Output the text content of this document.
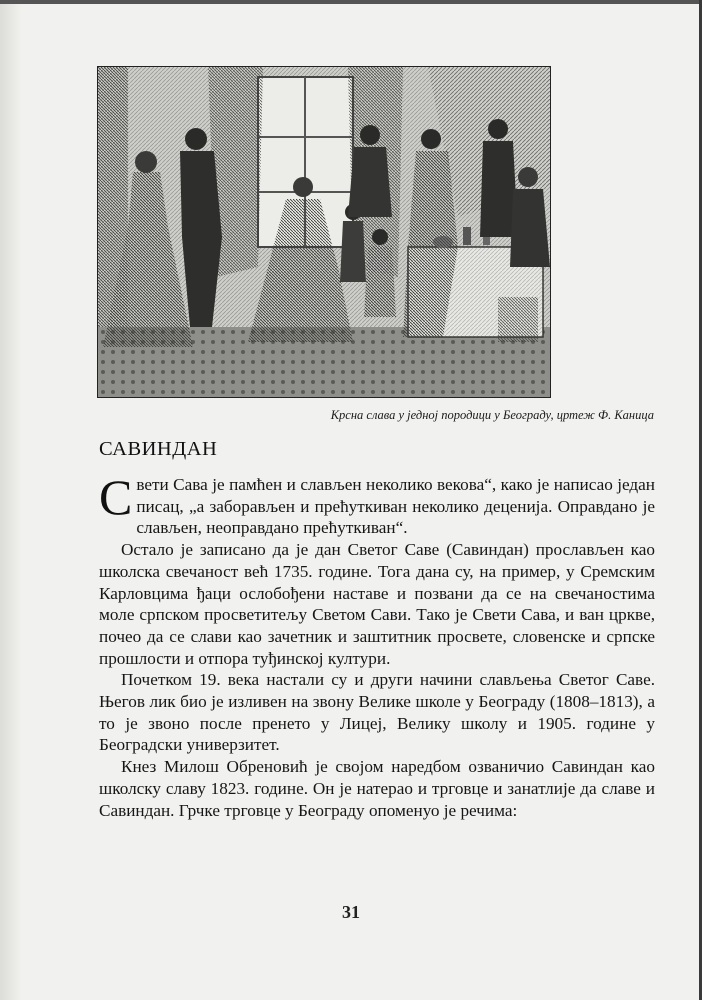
Крсна слава у једној породици у Београду, цртеж Ф. Каница
САВИНДАН

Свети Сава је памћен и слављен неколико векова“, како је написао један писац, „а заборављен и прећуткиван неколико деценија. Оправдано је слављен, неоправдано прећуткиван“.

Остало је записано да је дан Светог Саве (Савиндан) прослављен као школска свечаност већ 1735. године. Тога дана су, на пример, у Сремским Карловцима ђаци ослобођени наставе и позвани да се на свечаностима моле српском просветитељу Светом Сави. Тако је Свети Сава, и ван цркве, почео да се слави као зачетник и заштитник просвете, словенске и српске прошлости и отпора туђинској култури.

Почетком 19. века настали су и други начини слављења Светог Саве. Његов лик био је изливен на звону Велике школе у Београду (1808–1813), а то је звоно после пренето у Лицеј, Велику школу и 1905. године у Београдски универзитет.

Кнез Милош Обреновић је својом наредбом озваничио Савиндан као школску славу 1823. године. Он је натерао и трговце и занатлије да славе и Савиндан. Грчке трговце у Београду опоменуо је речима:

31
